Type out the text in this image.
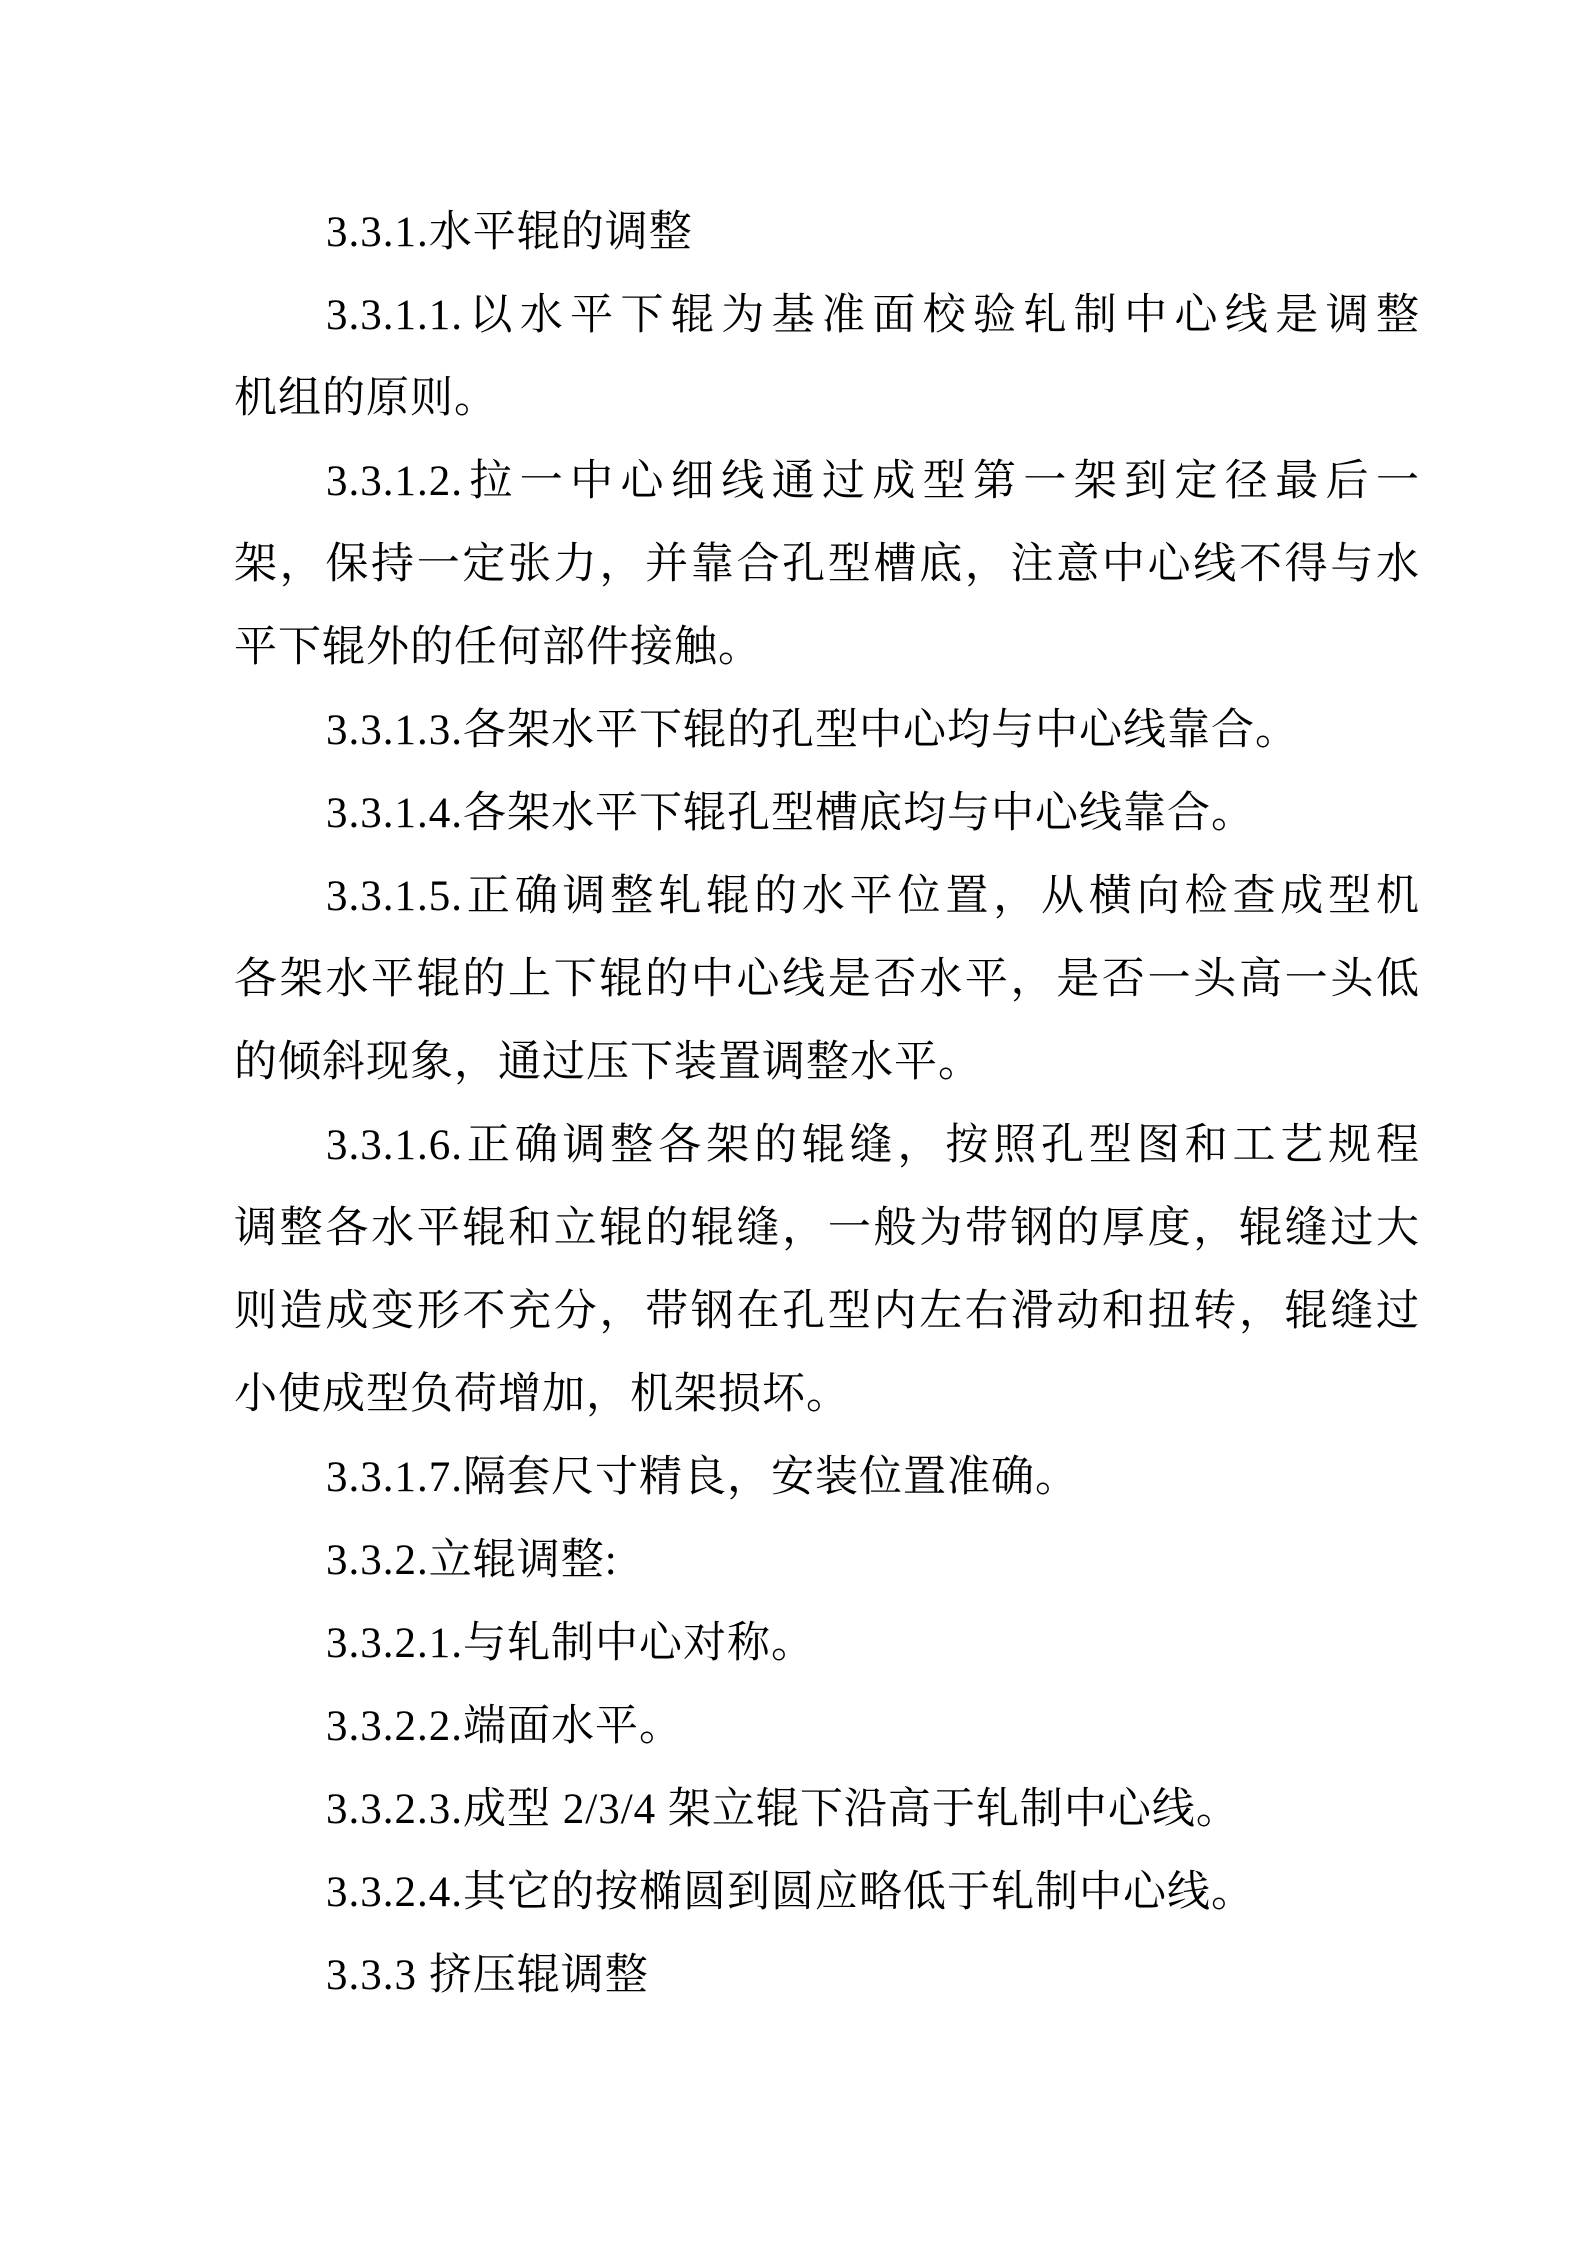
3.3.1.水平辊的调整
3.3.1.1.以水平下辊为基准面校验轧制中心线是调整
机组的原则。
3.3.1.2.拉一中心细线通过成型第一架到定径最后一
架，保持一定张力，并靠合孔型槽底，注意中心线不得与水
平下辊外的任何部件接触。
3.3.1.3.各架水平下辊的孔型中心均与中心线靠合。
3.3.1.4.各架水平下辊孔型槽底均与中心线靠合。
3.3.1.5.正确调整轧辊的水平位置，从横向检查成型机
各架水平辊的上下辊的中心线是否水平，是否一头高一头低
的倾斜现象，通过压下装置调整水平。
3.3.1.6.正确调整各架的辊缝，按照孔型图和工艺规程
调整各水平辊和立辊的辊缝，一般为带钢的厚度，辊缝过大
则造成变形不充分，带钢在孔型内左右滑动和扭转，辊缝过
小使成型负荷增加，机架损坏。
3.3.1.7.隔套尺寸精良，安装位置准确。
3.3.2.立辊调整:
3.3.2.1.与轧制中心对称。
3.3.2.2.端面水平。
3.3.2.3.成型 2/3/4 架立辊下沿高于轧制中心线。
3.3.2.4.其它的按椭圆到圆应略低于轧制中心线。
3.3.3 挤压辊调整
